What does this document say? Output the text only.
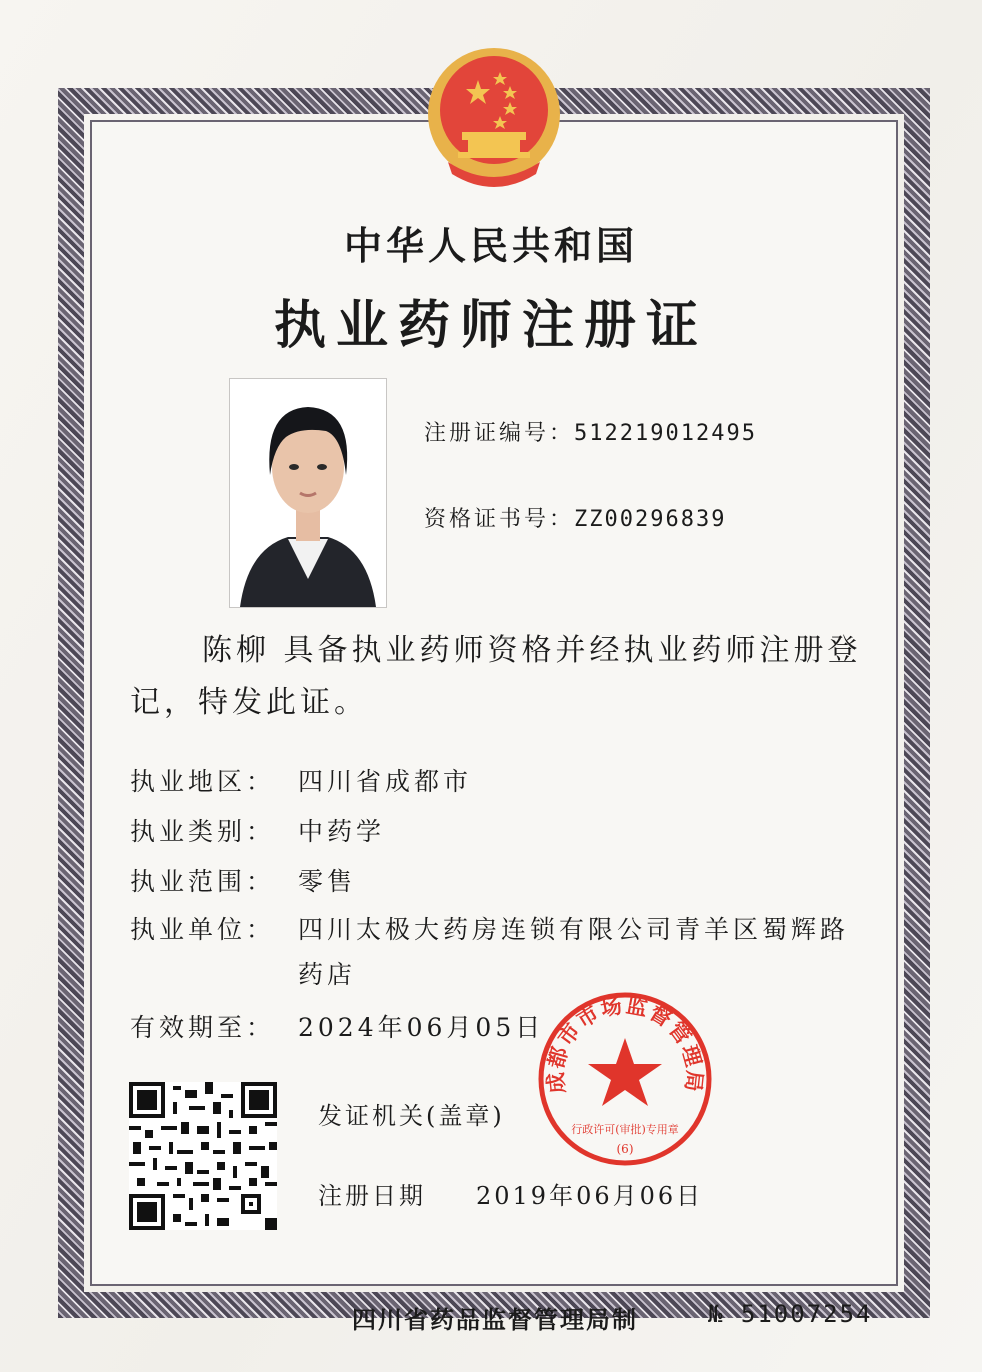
中华人民共和国
执业药师注册证
注册证编号：512219012495
资格证书号：ZZ00296839
陈柳 具备执业药师资格并经执业药师注册登记，特发此证。
执业地区： 四川省成都市
执业类别： 中药学
执业范围： 零售
执业单位： 四川太极大药房连锁有限公司青羊区蜀辉路
药店
有效期至： 2024年06月05日
发证机关(盖章)
注册日期 2019年06月06日
成都市市场监督管理局
行政许可(审批)专用章
(6)
四川省药品监督管理局制	№ 51007254
